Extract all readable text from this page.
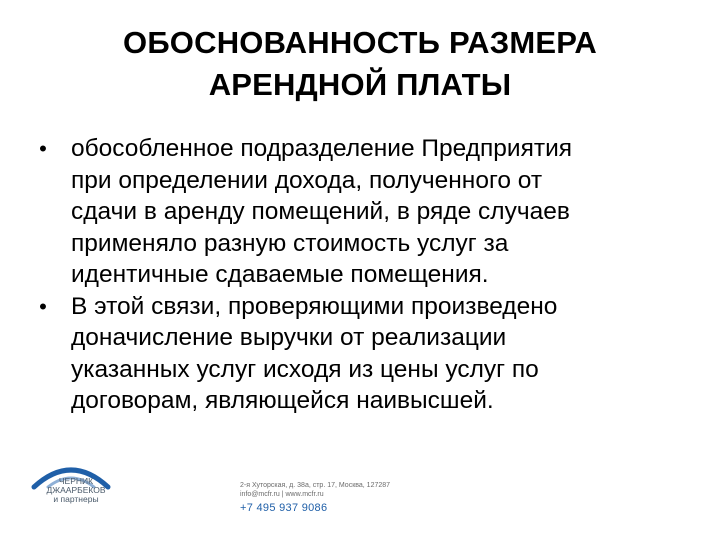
ОБОСНОВАННОСТЬ РАЗМЕРА
АРЕНДНОЙ ПЛАТЫ
• обособленное подразделение Предприятия
при определении дохода, полученного от
сдачи в аренду помещений, в ряде случаев
применяло разную стоимость услуг за
идентичные сдаваемые помещения.
• В этой связи, проверяющими произведено
доначисление выручки от реализации
указанных услуг исходя из цены услуг по
договорам, являющейся наивысшей.
ЧЕРНИК
ДЖААРБЕКОВ
и партнеры
2-я Хуторская, д. 38а, стр. 17, Москва, 127287
info@mcfr.ru | www.mcfr.ru
+7 495 937 9086
